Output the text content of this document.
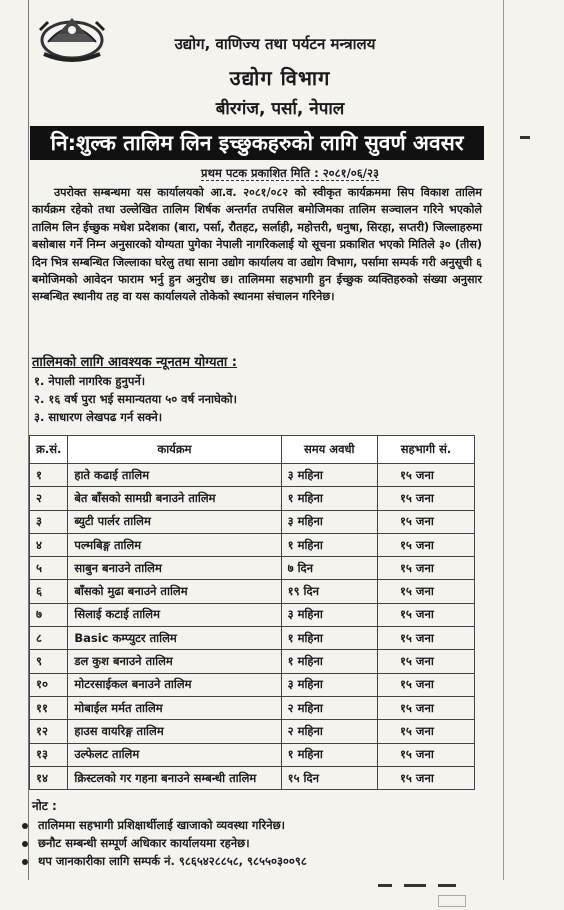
उद्योग, वाणिज्य तथा पर्यटन मन्त्रालय
उद्योग विभाग
बीरगंज, पर्सा, नेपाल
नि:शुल्क तालिम लिन इच्छुकहरुको लागि सुवर्ण अवसर
प्रथम पटक प्रकाशित मिति : २०८१/०६/२३
उपरोक्त सम्बन्धमा यस कार्यालयको आ.व. २०८१/०८२ को स्वीकृत कार्यक्रममा सिप विकाश तालिम कार्यक्रम रहेको तथा उल्लेखित तालिम शिर्षक अन्तर्गत तपसिल बमोजिमका तालिम सञ्चालन गरिने भएकोले तालिम लिन ईच्छुक मधेश प्रदेशका (बारा, पर्सा, रौतहट, सर्लाही, महोत्तरी, धनुषा, सिरहा, सप्तरी) जिल्लाहरुमा बसोबास गर्ने निम्न अनुसारको योग्यता पुगेका नेपाली नागरिकलाई यो सूचना प्रकाशित भएको मितिले ३० (तीस) दिन भित्र सम्बन्धित जिल्लाका घरेलु तथा साना उद्योग कार्यालय वा उद्योग विभाग, पर्सामा सम्पर्क गरी अनुसूची ६ बमोजिमको आवेदन फाराम भर्नु हुन अनुरोध छ। तालिममा सहभागी हुन ईच्छुक व्यक्तिहरुको संख्या अनुसार सम्बन्धित स्थानीय तह वा यस कार्यालयले तोकेको स्थानमा संचालन गरिनेछ।
तालिमको लागि आवश्यक न्यूनतम योग्यता :
१. नेपाली नागरिक हुनुपर्ने।
२. १६ वर्ष पुरा भई समान्यतया ५० वर्ष ननाघेको।
३. साधारण लेखपढ गर्न सक्ने।
क्र.सं.	कार्यक्रम	समय अवधी	सहभागी सं.
१	हाते कढाई तालिम	३ महिना	१५ जना
२	बेत बाँसको सामग्री बनाउने तालिम	१ महिना	१५ जना
३	ब्युटी पार्लर तालिम	३ महिना	१५ जना
४	पल्मबिङ्ग तालिम	१ महिना	१५ जना
५	साबुन बनाउने तालिम	७ दिन	१५ जना
६	बाँसको मुढा बनाउने तालिम	१९ दिन	१५ जना
७	सिलाई कटाई तालिम	३ महिना	१५ जना
८	Basic कम्प्युटर तालिम	१ महिना	१५ जना
९	डल कुश बनाउने तालिम	१ महिना	१५ जना
१०	मोटरसाईकल बनाउने तालिम	३ महिना	१५ जना
११	मोबाईल मर्मत तालिम	२ महिना	१५ जना
१२	हाउस वायरिङ्ग तालिम	२ महिना	१५ जना
१३	उल्फेलट तालिम	१ महिना	१५ जना
१४	क्रिस्टलको गर गहना बनाउने सम्बन्धी तालिम	१५ दिन	१५ जना
नोट :
तालिममा सहभागी प्रशिक्षार्थीलाई खाजाको व्यवस्था गरिनेछ।
छनौट सम्बन्धी सम्पूर्ण अधिकार कार्यालयमा रहनेछ।
थप जानकारीका लागि सम्पर्क नं. ९८६५४२८८५८, ९८५५०३००९८
